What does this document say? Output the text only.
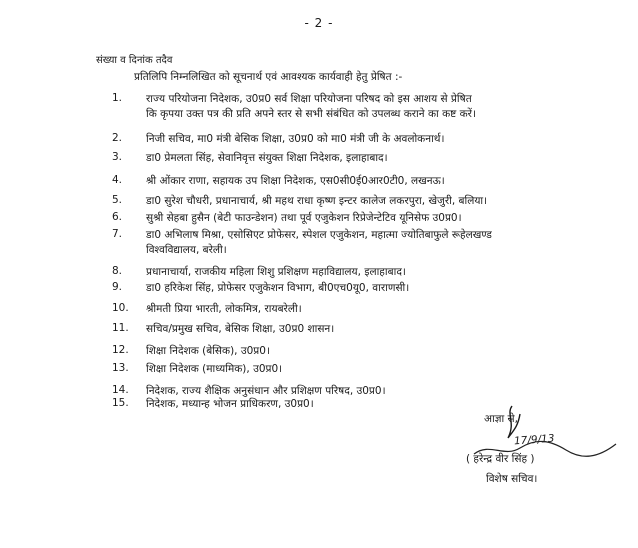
- 2 -
संख्या व दिनांक तदैव
प्रतिलिपि निम्नलिखित को सूचनार्थ एवं आवश्यक कार्यवाही हेतु प्रेषित :-
1.	राज्य परियोजना निदेशक, उ0प्र0 सर्व शिक्षा परियोजना परिषद को इस आशय से प्रेषित
कि कृपया उक्त पत्र की प्रति अपने स्तर से सभी संबंधित को उपलब्ध कराने का कष्ट करें।
2.	निजी सचिव, मा0 मंत्री बेसिक शिक्षा, उ0प्र0 को मा0 मंत्री जी के अवलोकनार्थ।
3.	डा0 प्रेमलता सिंह, सेवानिवृत्त संयुक्त शिक्षा निदेशक, इलाहाबाद।
4.	श्री ओंकार राणा, सहायक उप शिक्षा निदेशक, एस0सी0ई0आर0टी0, लखनऊ।
5.	डा0 सुरेश चौधरी, प्रधानाचार्य, श्री महथ राधा कृष्ण इन्टर कालेज लकरपुरा, खेजुरी, बलिया।
6.	सुश्री सेहबा हुसैन (बेटी फाउन्डेशन) तथा पूर्व एजुकेशन रिप्रेजेन्टेटिव यूनिसेफ उ0प्र0।
7.	डा0 अभिलाष मिश्रा, एसोसिएट प्रोफेसर, स्पेशल एजुकेशन, महात्मा ज्योतिबाफुले रूहेलखण्ड
विश्वविद्यालय, बरेली।
8.	प्रधानाचार्या, राजकीय महिला शिशु प्रशिक्षण महाविद्यालय, इलाहाबाद।
9.	डा0 हरिकेश सिंह, प्रोफेसर एजुकेशन विभाग, बी0एच0यू0, वाराणसी।
10.	श्रीमती प्रिया भारती, लोकमित्र, रायबरेली।
11.	सचिव/प्रमुख सचिव, बेसिक शिक्षा, उ0प्र0 शासन।
12.	शिक्षा निदेशक (बेसिक), उ0प्र0।
13.	शिक्षा निदेशक (माध्यमिक), उ0प्र0।
14.	निदेशक, राज्य शैक्षिक अनुसंधान और प्रशिक्षण परिषद, उ0प्र0।
15.	निदेशक, मध्यान्ह भोजन प्राधिकरण, उ0प्र0।
आज्ञा से,
17/9/13
( हरेन्द्र वीर सिंह )
विशेष सचिव।
